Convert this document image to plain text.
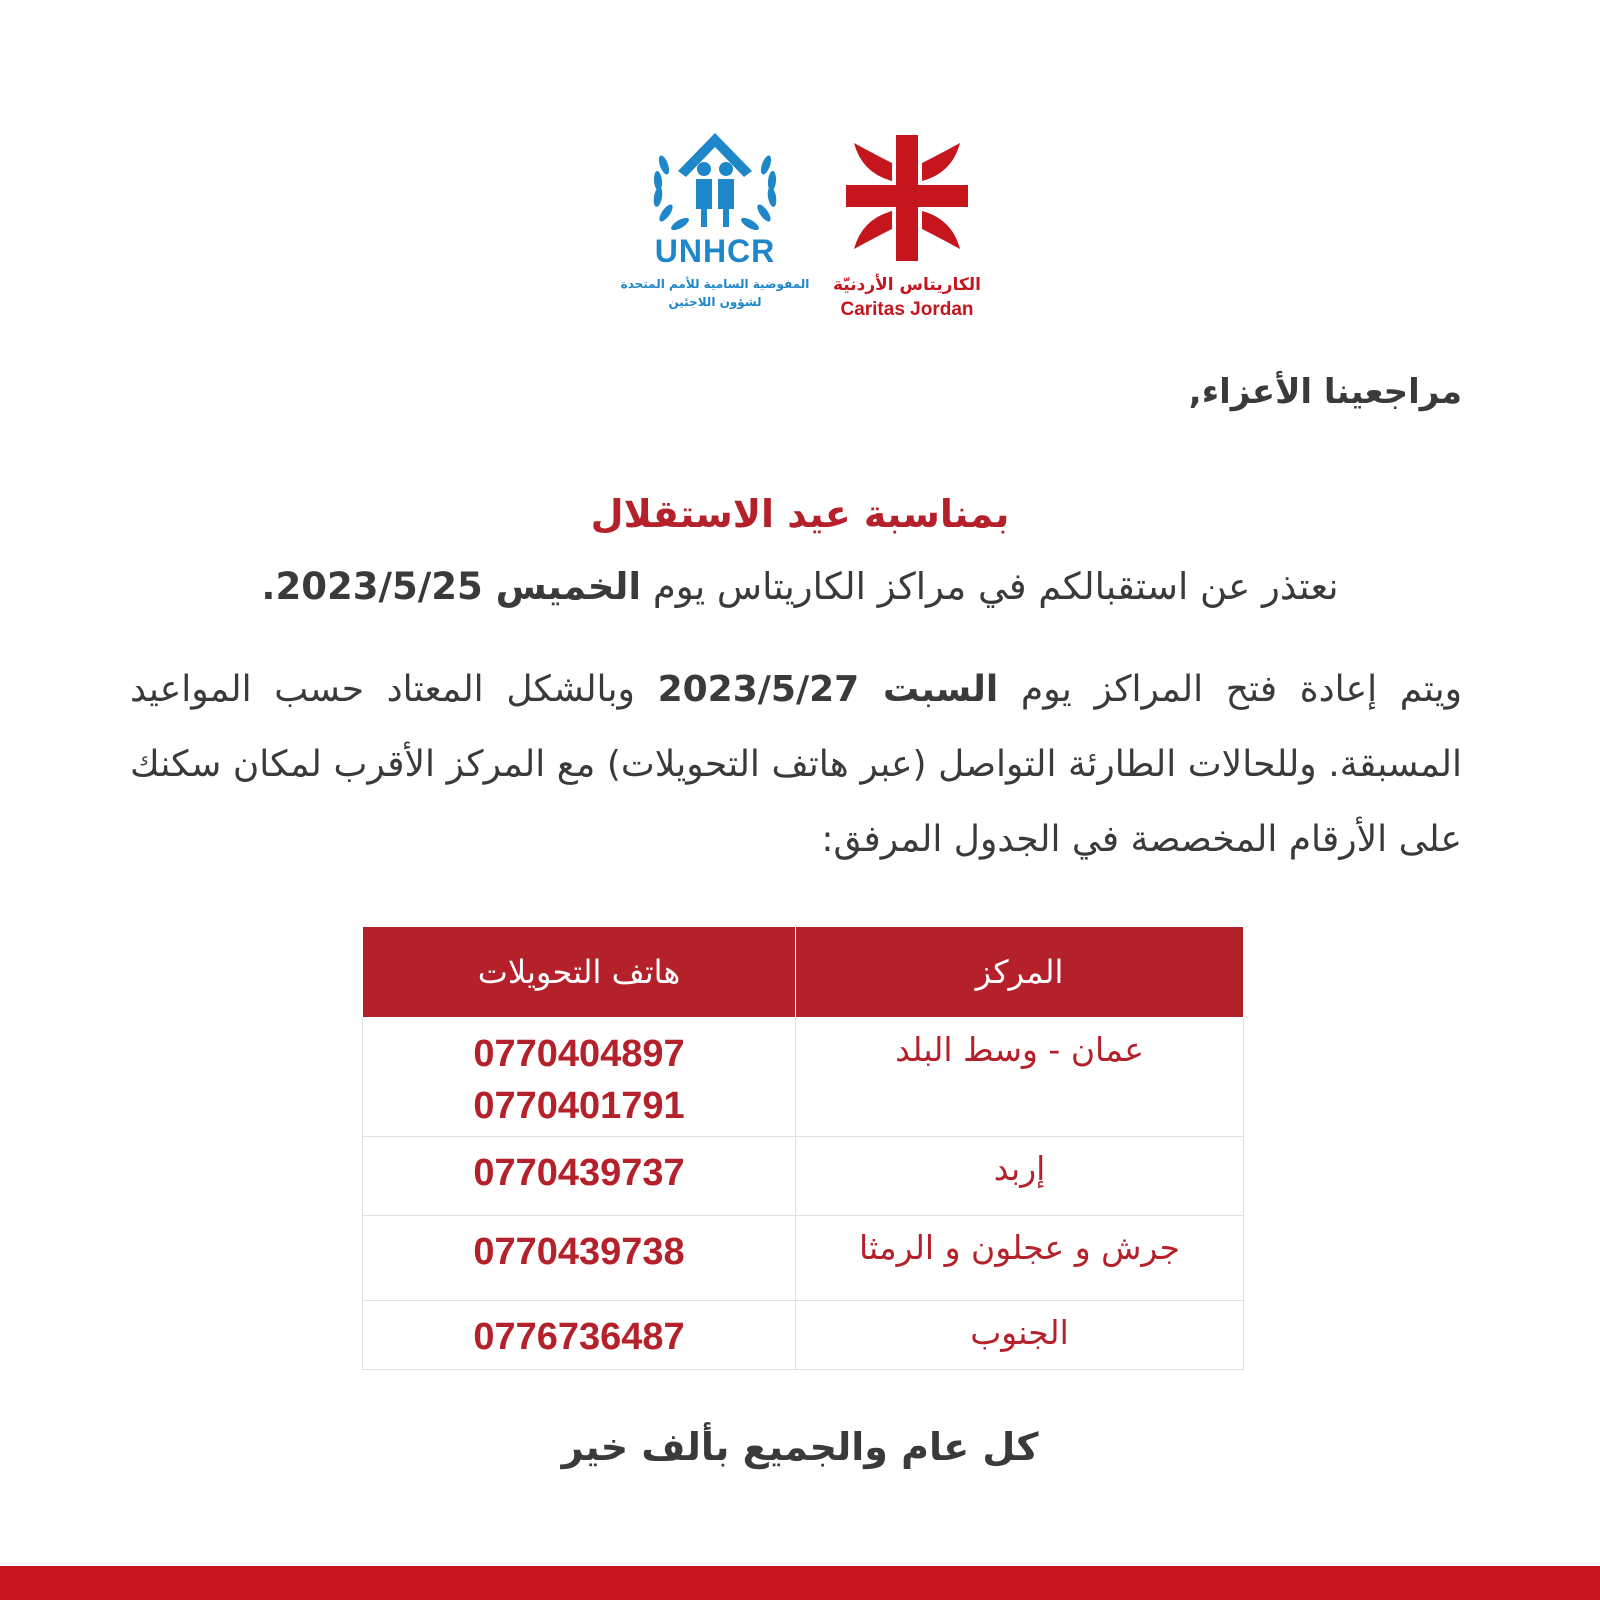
UNHCR
المفوضية السامية للأمم المتحدة
لشؤون اللاجئين
الكاريتاس الأردنيّة
Caritas Jordan
مراجعينا الأعزاء,
بمناسبة عيد الاستقلال
نعتذر عن استقبالكم في مراكز الكاريتاس يوم الخميس 2023/5/25.
ويتم إعادة فتح المراكز يوم السبت 2023/5/27 وبالشكل المعتاد حسب المواعيد المسبقة. وللحالات الطارئة التواصل (عبر هاتف التحويلات) مع المركز الأقرب لمكان سكنك على الأرقام المخصصة في الجدول المرفق:
المركز	هاتف التحويلات
عمان - وسط البلد	0770404897
0770401791

إربد	0770439737

جرش و عجلون و الرمثا	0770439738

الجنوب	0776736487
كل عام والجميع بألف خير
